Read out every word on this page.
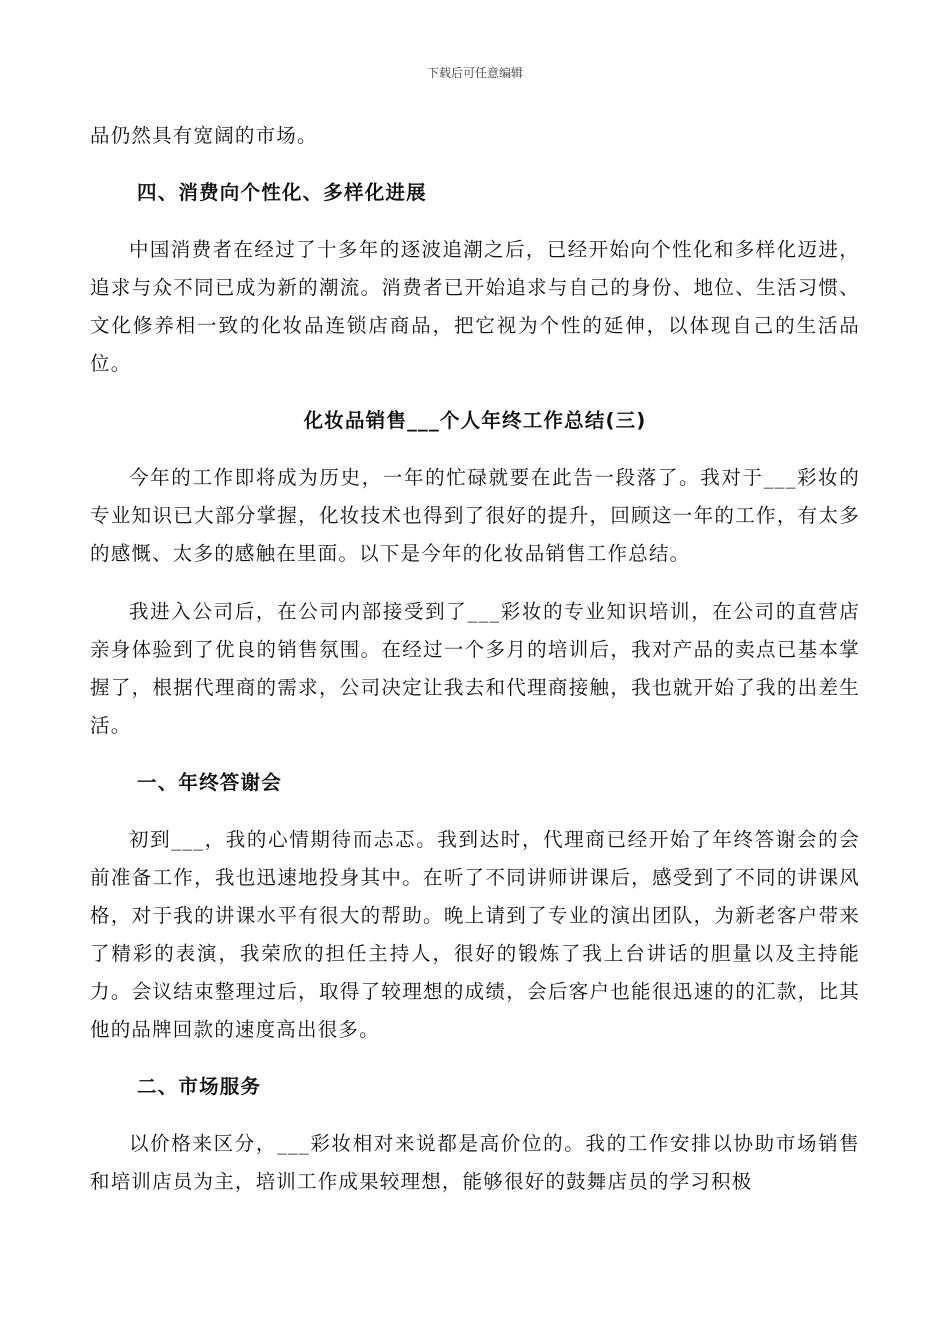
下载后可任意编辑

品仍然具有宽阔的市场。

四、消费向个性化、多样化进展

中国消费者在经过了十多年的逐波追潮之后，已经开始向个性化和多样化迈进，追求与众不同已成为新的潮流。消费者已开始追求与自己的身份、地位、生活习惯、文化修养相一致的化妆品连锁店商品，把它视为个性的延伸，以体现自己的生活品位。

化妆品销售___个人年终工作总结(三)

今年的工作即将成为历史，一年的忙碌就要在此告一段落了。我对于___彩妆的专业知识已大部分掌握，化妆技术也得到了很好的提升，回顾这一年的工作，有太多的感慨、太多的感触在里面。以下是今年的化妆品销售工作总结。

我进入公司后，在公司内部接受到了___彩妆的专业知识培训，在公司的直营店亲身体验到了优良的销售氛围。在经过一个多月的培训后，我对产品的卖点已基本掌握了，根据代理商的需求，公司决定让我去和代理商接触，我也就开始了我的出差生活。

一、年终答谢会

初到___，我的心情期待而忐忑。我到达时，代理商已经开始了年终答谢会的会前准备工作，我也迅速地投身其中。在听了不同讲师讲课后，感受到了不同的讲课风格，对于我的讲课水平有很大的帮助。晚上请到了专业的演出团队，为新老客户带来了精彩的表演，我荣欣的担任主持人，很好的锻炼了我上台讲话的胆量以及主持能力。会议结束整理过后，取得了较理想的成绩，会后客户也能很迅速的的汇款，比其他的品牌回款的速度高出很多。

二、市场服务

以价格来区分，___彩妆相对来说都是高价位的。我的工作安排以协助市场销售和培训店员为主，培训工作成果较理想，能够很好的鼓舞店员的学习积极
